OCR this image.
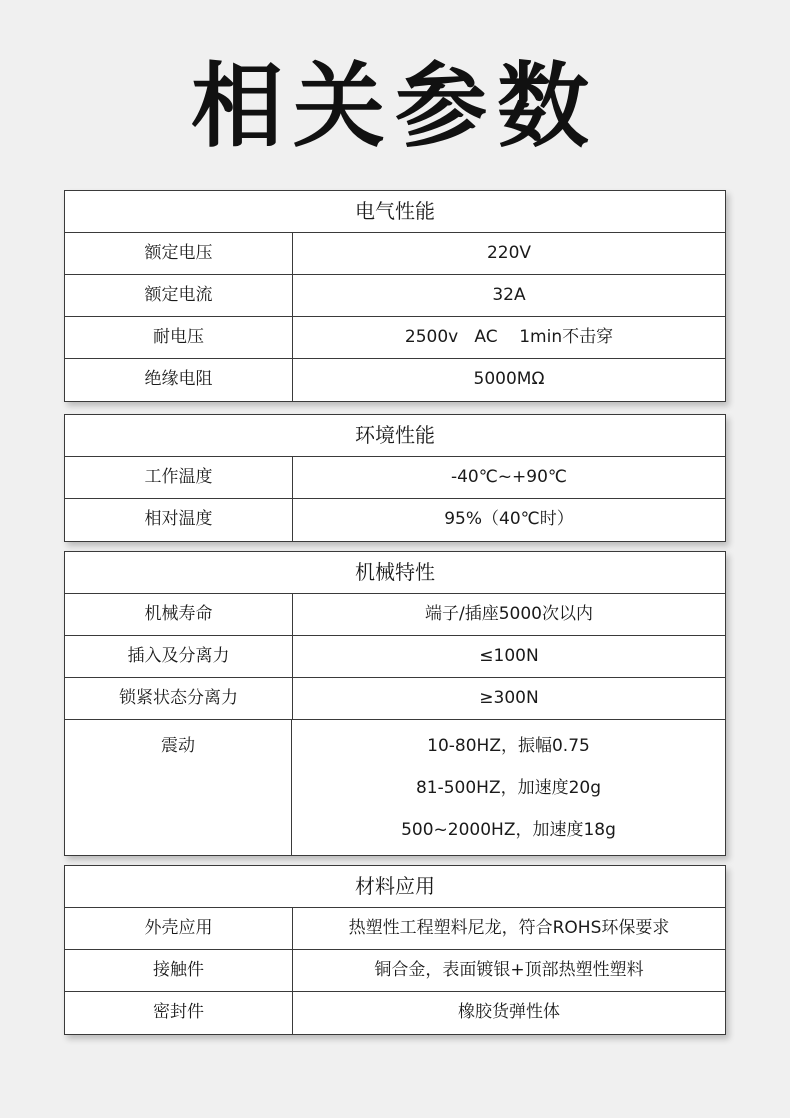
相关参数
电气性能
额定电压	220V
额定电流	32A
耐电压	2500v   AC    1min不击穿
绝缘电阻	5000MΩ
环境性能
工作温度	-40℃~+90℃
相对温度	95%（40℃时）
机械特性
机械寿命	端子/插座5000次以内
插入及分离力	≤100N
锁紧状态分离力	≥300N
震动	10-80HZ，振幅0.75
81-500HZ，加速度20g
500~2000HZ，加速度18g
材料应用
外壳应用	热塑性工程塑料尼龙，符合ROHS环保要求
接触件	铜合金，表面镀银+顶部热塑性塑料
密封件	橡胶货弹性体
